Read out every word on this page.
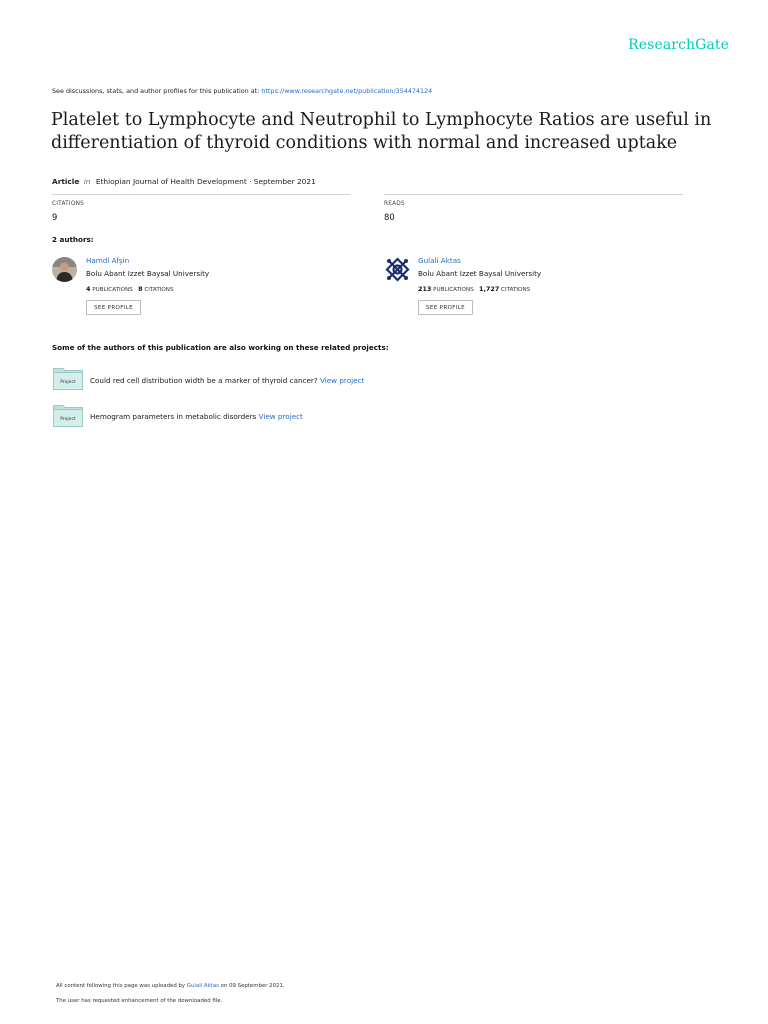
ResearchGate
See discussions, stats, and author profiles for this publication at: https://www.researchgate.net/publication/354474124
Platelet to Lymphocyte and Neutrophil to Lymphocyte Ratios are useful in differentiation of thyroid conditions with normal and increased uptake
Article in Ethiopian Journal of Health Development · September 2021
CITATIONS
9
READS
80
2 authors:
Hamdi Afşin
Bolu Abant Izzet Baysal University
4 PUBLICATIONS 8 CITATIONS
SEE PROFILE
Gulali Aktas
Bolu Abant Izzet Baysal University
213 PUBLICATIONS 1,727 CITATIONS
SEE PROFILE
Some of the authors of this publication are also working on these related projects:
Project Could red cell distribution width be a marker of thyroid cancer? View project
Project Hemogram parameters in metabolic disorders View project
All content following this page was uploaded by Gulali Aktas on 09 September 2021.
The user has requested enhancement of the downloaded file.
